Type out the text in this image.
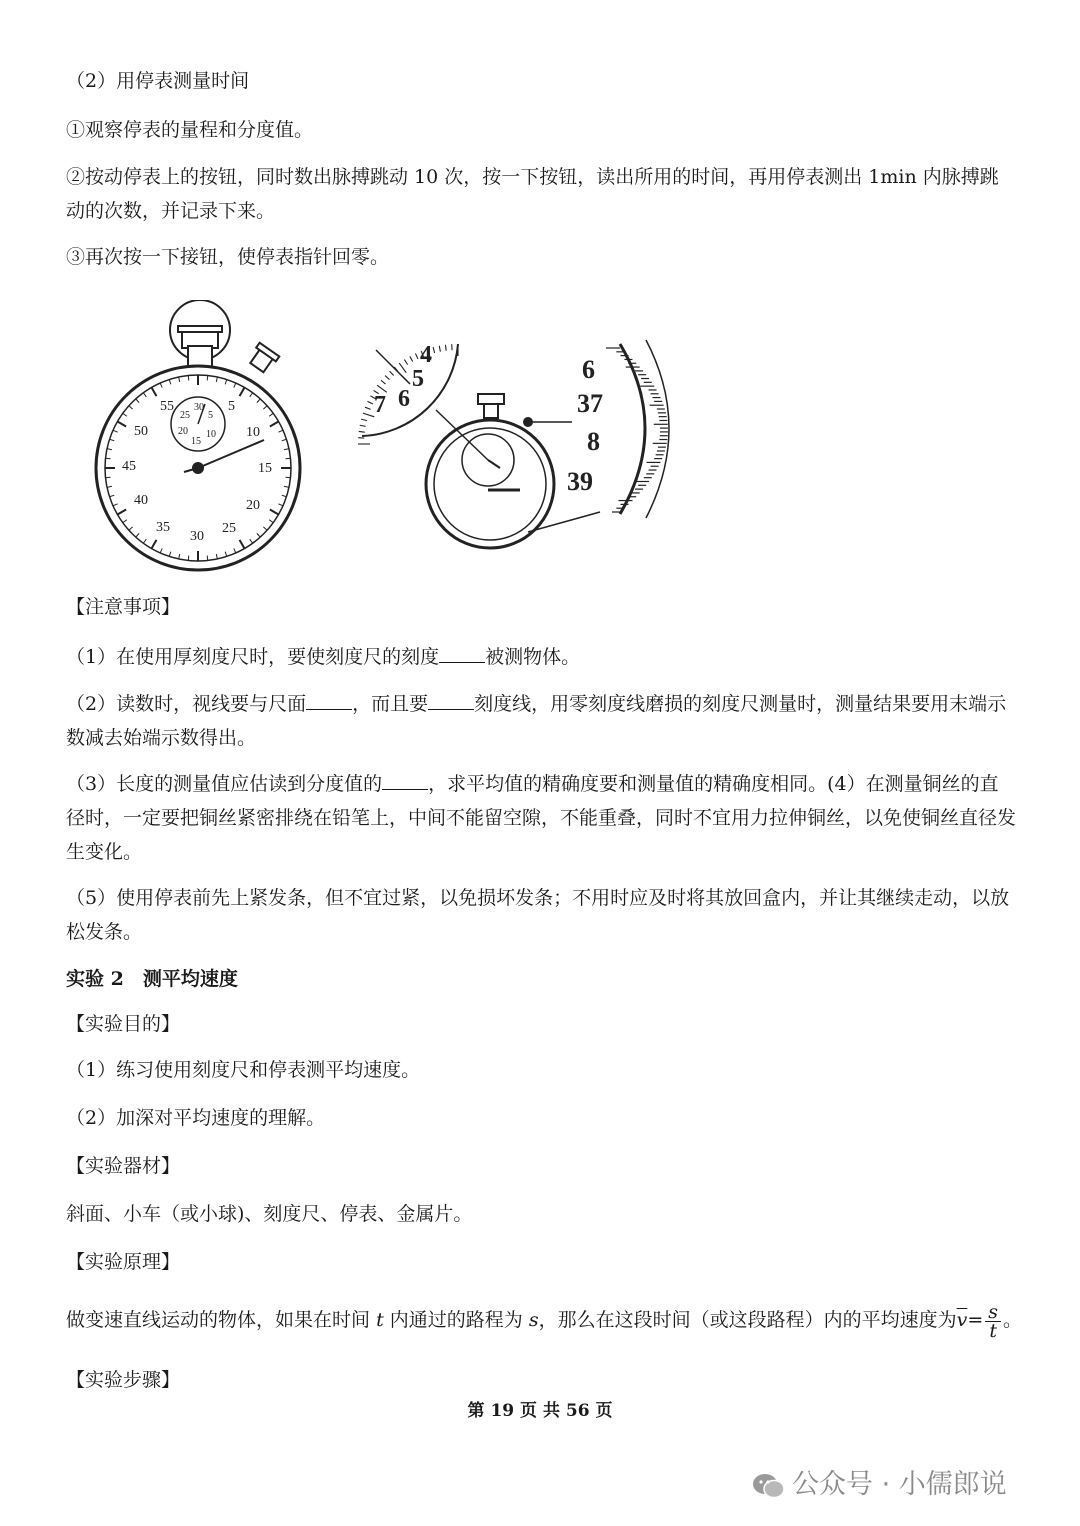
（2）用停表测量时间
①观察停表的量程和分度值。
②按动停表上的按钮，同时数出脉搏跳动 10 次，按一下按钮，读出所用的时间，再用停表测出 1min 内脉搏跳动的次数，并记录下来。
③再次按一下接钮，使停表指针回零。
55	5
50	10
45	15
40	20
35	25
30
30
25 5
20 10
15
6
37
8
39
4
5
6
7
【注意事项】
（1）在使用厚刻度尺时，要使刻度尺的刻度 被测物体。
（2）读数时，视线要与尺面 ，而且要 刻度线，用零刻度线磨损的刻度尺测量时，测量结果要用末端示数减去始端示数得出。
（3）长度的测量值应估读到分度值的 ，求平均值的精确度要和测量值的精确度相同。(4）在测量铜丝的直径时，一定要把铜丝紧密排绕在铅笔上，中间不能留空隙，不能重叠，同时不宜用力拉伸铜丝，以免使铜丝直径发生变化。
（5）使用停表前先上紧发条，但不宜过紧，以免损坏发条；不用时应及时将其放回盒内，并让其继续走动，以放松发条。
实验 2　测平均速度
【实验目的】
（1）练习使用刻度尺和停表测平均速度。
（2）加深对平均速度的理解。
【实验器材】
斜面、小车（或小球)、刻度尺、停表、金属片。
【实验原理】
做变速直线运动的物体，如果在时间 t 内通过的路程为 s，那么在这段时间（或这段路程）内的平均速度为$\overline{v}= \frac{s}{t}$ 。
【实验步骤】
第 19 页 共 56 页
公众号 · 小儒郎说
